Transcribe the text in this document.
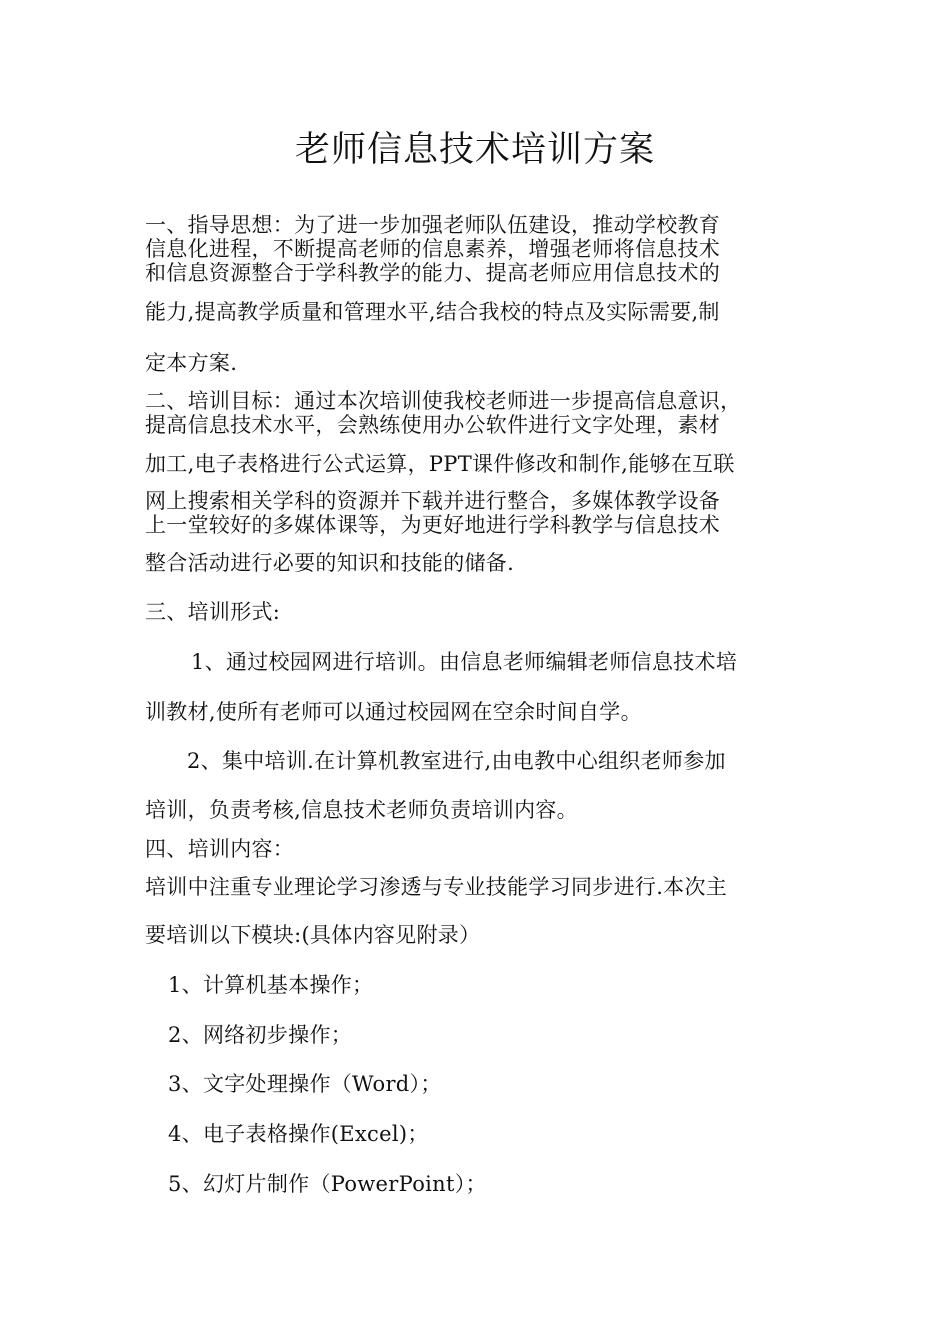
老师信息技术培训方案
一、指导思想：为了进一步加强老师队伍建设，推动学校教育
信息化进程，不断提高老师的信息素养，增强老师将信息技术
和信息资源整合于学科教学的能力、提高老师应用信息技术的
能力,提高教学质量和管理水平,结合我校的特点及实际需要,制
定本方案.
二、培训目标：通过本次培训使我校老师进一步提高信息意识，
提高信息技术水平，会熟练使用办公软件进行文字处理，素材
加工,电子表格进行公式运算，PPT课件修改和制作,能够在互联
网上搜索相关学科的资源并下载并进行整合，多媒体教学设备
上一堂较好的多媒体课等，为更好地进行学科教学与信息技术
整合活动进行必要的知识和技能的储备.
三、培训形式:
1、通过校园网进行培训。由信息老师编辑老师信息技术培
训教材,使所有老师可以通过校园网在空余时间自学。
2、集中培训.在计算机教室进行,由电教中心组织老师参加
培训，负责考核,信息技术老师负责培训内容。
四、培训内容：
培训中注重专业理论学习渗透与专业技能学习同步进行.本次主
要培训以下模块:(具体内容见附录）
1、计算机基本操作；
2、网络初步操作；
3、文字处理操作（Word）；
4、电子表格操作(Excel)；
5、幻灯片制作（PowerPoint）；
